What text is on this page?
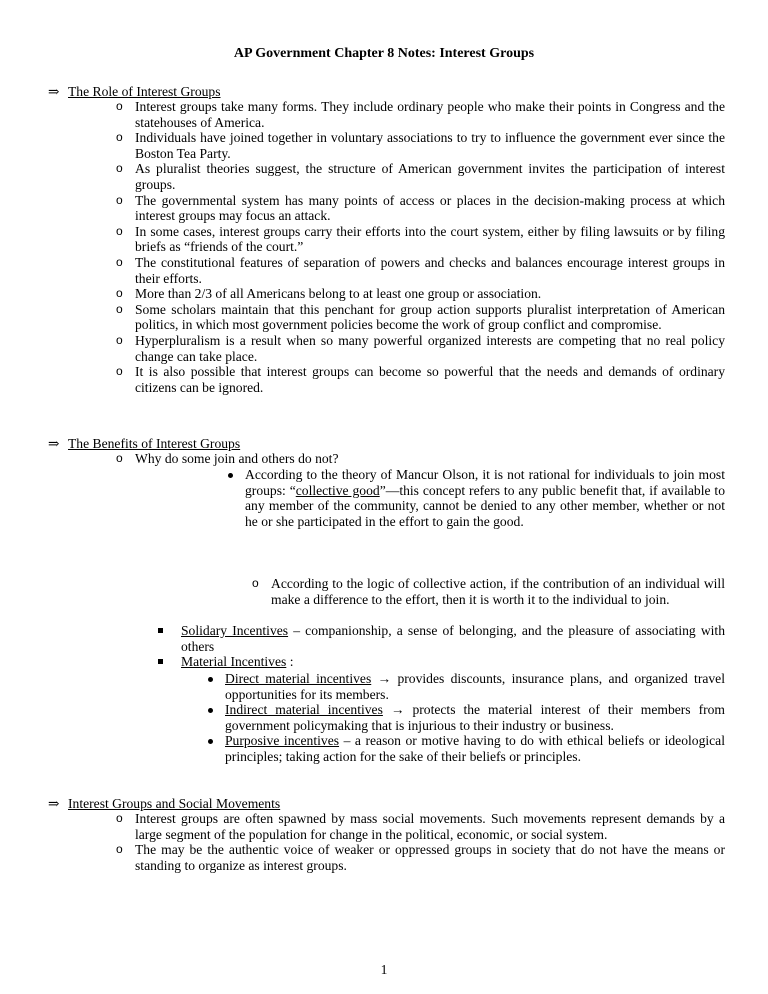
AP Government Chapter 8 Notes: Interest Groups
⇒ The Role of Interest Groups
o Interest groups take many forms. They include ordinary people who make their points in Congress and the statehouses of America.
o Individuals have joined together in voluntary associations to try to influence the government ever since the Boston Tea Party.
o As pluralist theories suggest, the structure of American government invites the participation of interest groups.
o The governmental system has many points of access or places in the decision-making process at which interest groups may focus an attack.
o In some cases, interest groups carry their efforts into the court system, either by filing lawsuits or by filing briefs as “friends of the court.”
o The constitutional features of separation of powers and checks and balances encourage interest groups in their efforts.
o More than 2/3 of all Americans belong to at least one group or association.
o Some scholars maintain that this penchant for group action supports pluralist interpretation of American politics, in which most government policies become the work of group conflict and compromise.
o Hyperpluralism is a result when so many powerful organized interests are competing that no real policy change can take place.
o It is also possible that interest groups can become so powerful that the needs and demands of ordinary citizens can be ignored.
⇒ The Benefits of Interest Groups
o Why do some join and others do not?
According to the theory of Mancur Olson, it is not rational for individuals to join most groups: “collective good”—this concept refers to any public benefit that, if available to any member of the community, cannot be denied to any other member, whether or not he or she participated in the effort to gain the good.
o According to the logic of collective action, if the contribution of an individual will make a difference to the effort, then it is worth it to the individual to join.
Solidary Incentives – companionship, a sense of belonging, and the pleasure of associating with others
Material Incentives :
Direct material incentives → provides discounts, insurance plans, and organized travel opportunities for its members.
Indirect material incentives → protects the material interest of their members from government policymaking that is injurious to their industry or business.
Purposive incentives – a reason or motive having to do with ethical beliefs or ideological principles; taking action for the sake of their beliefs or principles.
⇒ Interest Groups and Social Movements
o Interest groups are often spawned by mass social movements. Such movements represent demands by a large segment of the population for change in the political, economic, or social system.
o The may be the authentic voice of weaker or oppressed groups in society that do not have the means or standing to organize as interest groups.
1
